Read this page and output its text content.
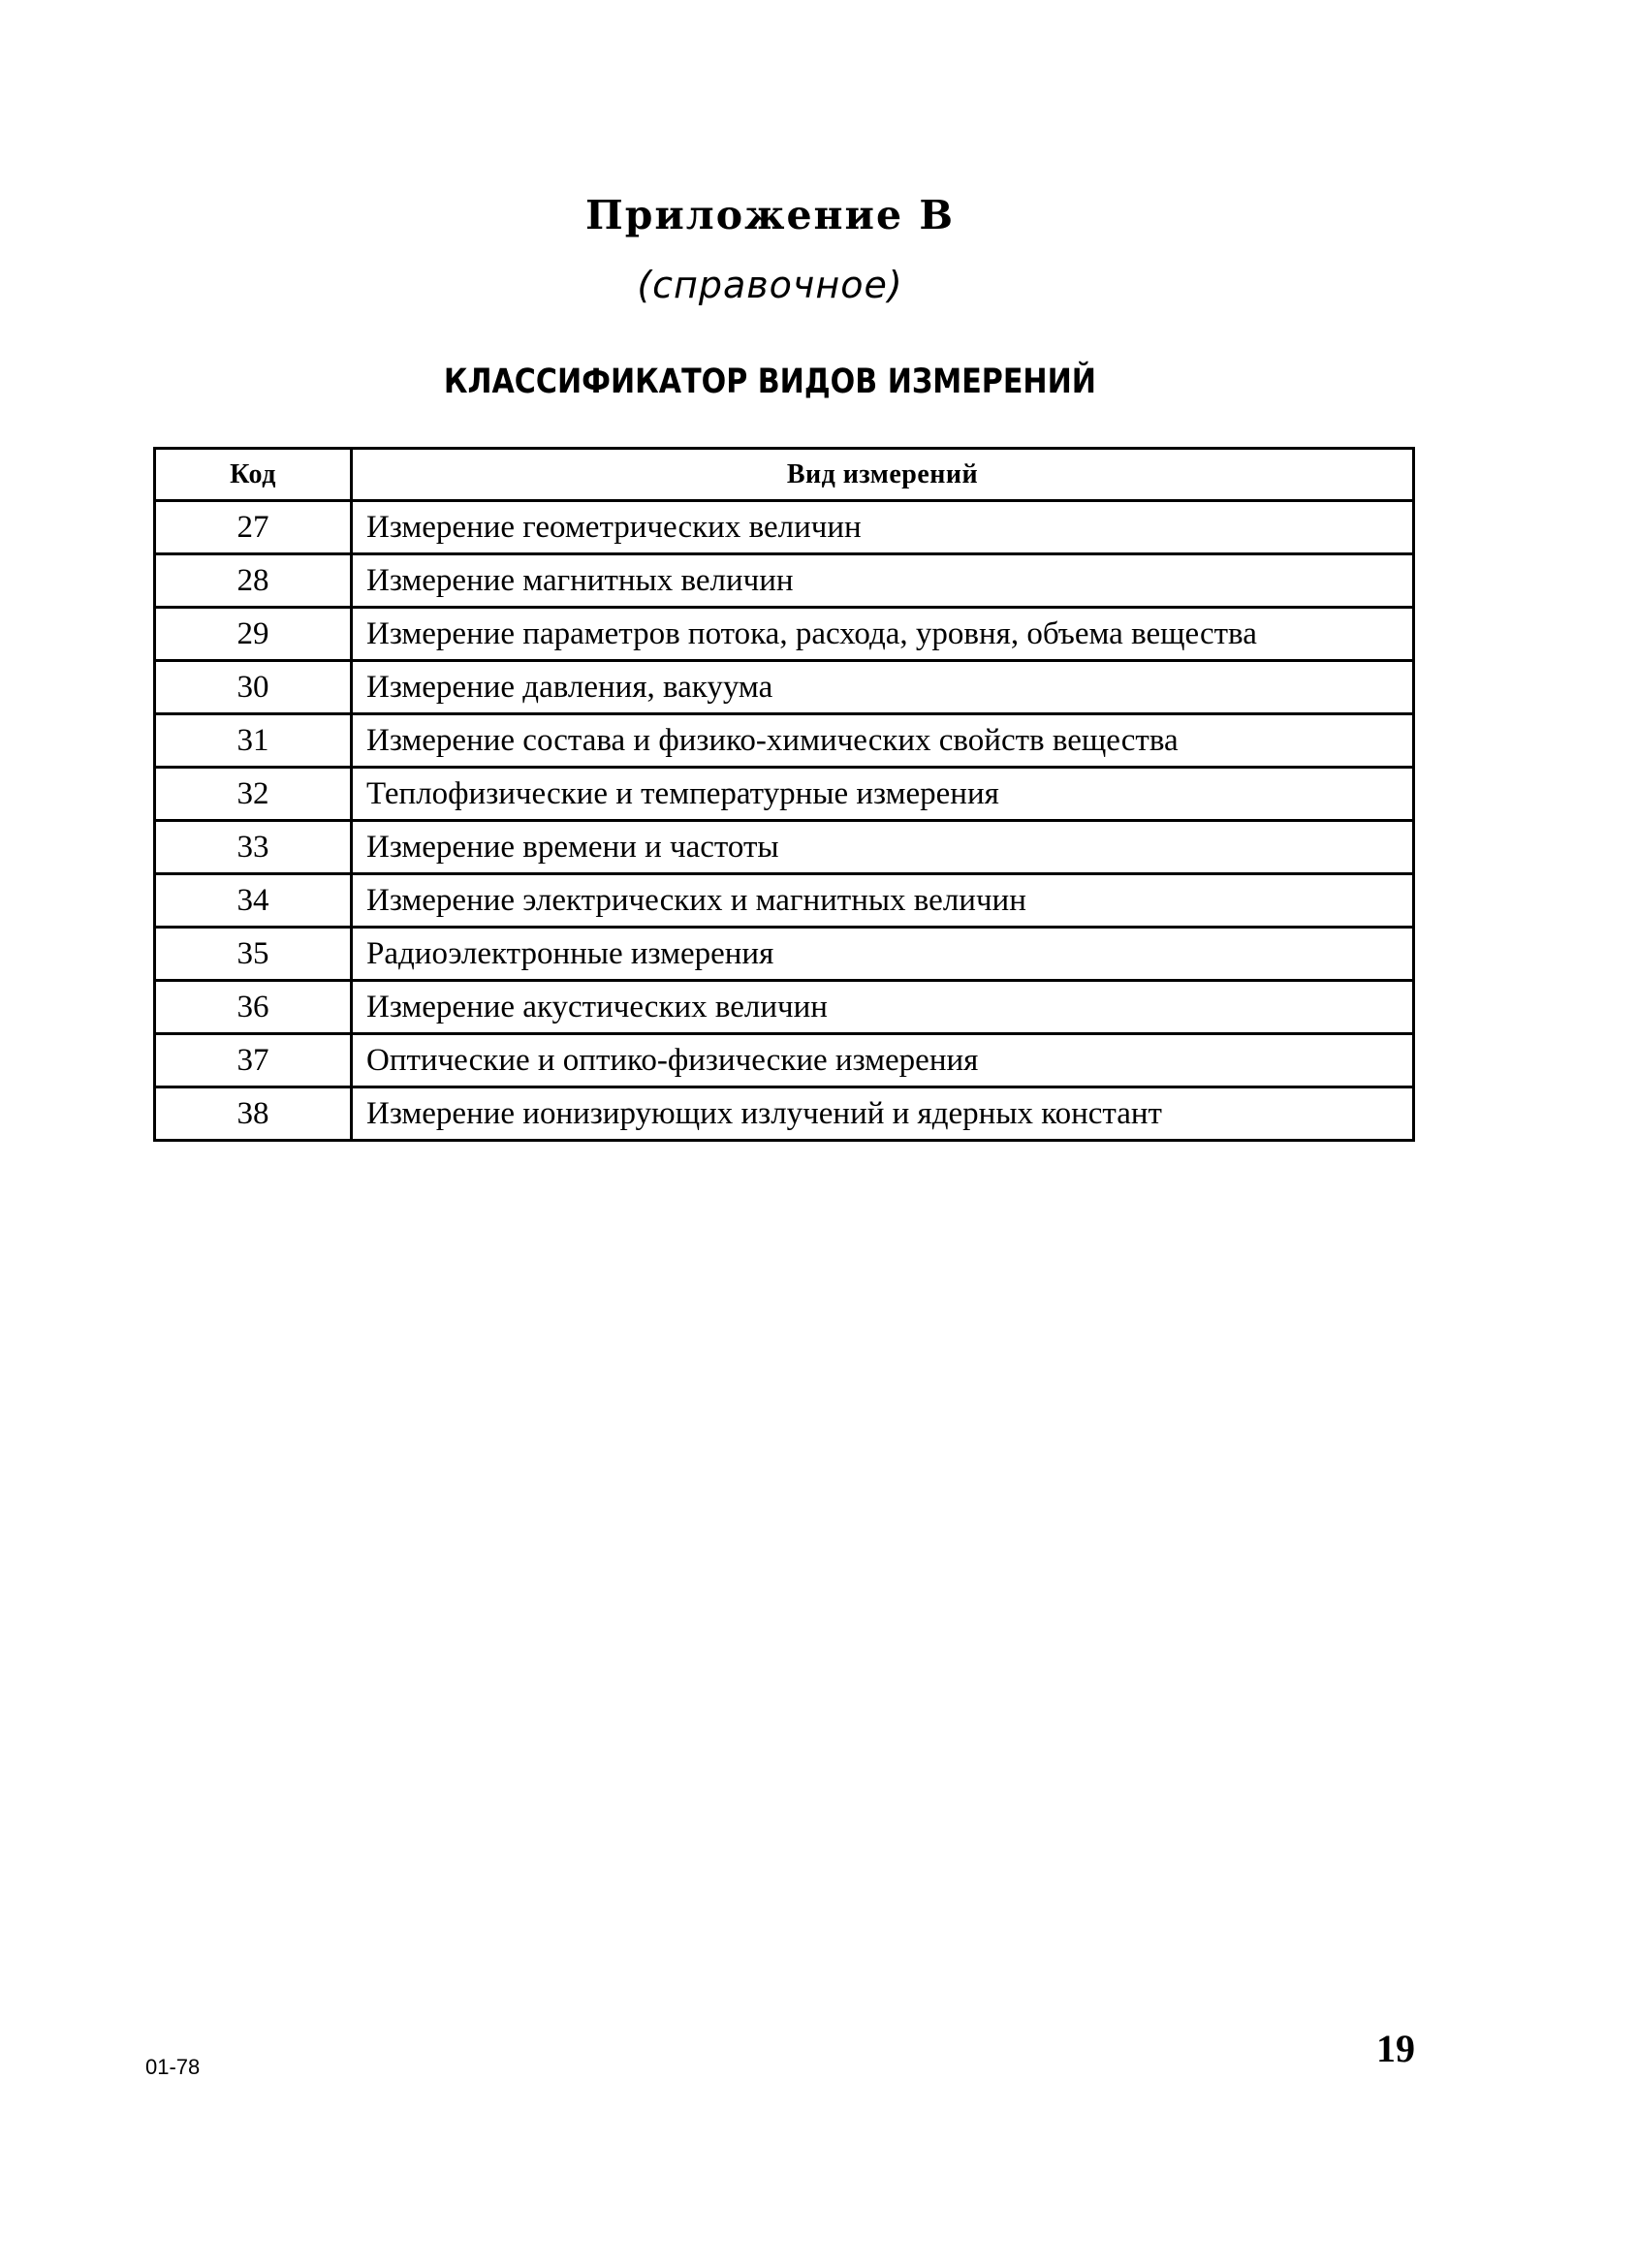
Приложение В
(справочное)
КЛАССИФИКАТОР ВИДОВ ИЗМЕРЕНИЙ
Код	Вид измерений
27	Измерение геометрических величин
28	Измерение магнитных величин
29	Измерение параметров потока, расхода, уровня, объема вещества
30	Измерение давления, вакуума
31	Измерение состава и физико-химических свойств вещества
32	Теплофизические и температурные измерения
33	Измерение времени и частоты
34	Измерение электрических и магнитных величин
35	Радиоэлектронные измерения
36	Измерение акустических величин
37	Оптические и оптико-физические измерения
38	Измерение ионизирующих излучений и ядерных констант
01-78	19
